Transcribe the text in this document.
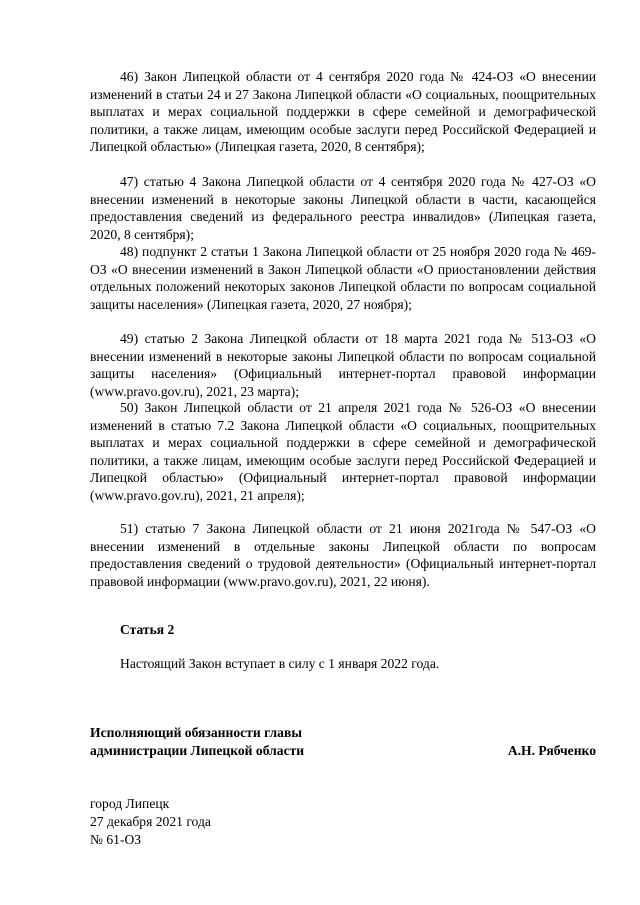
46) Закон Липецкой области от 4 сентября 2020 года № 424-ОЗ «О внесении изменений в статьи 24 и 27 Закона Липецкой области «О социальных, поощрительных выплатах и мерах социальной поддержки в сфере семейной и демографической политики, а также лицам, имеющим особые заслуги перед Российской Федерацией и Липецкой областью» (Липецкая газета, 2020, 8 сентября);

47) статью 4 Закона Липецкой области от 4 сентября 2020 года № 427-ОЗ «О внесении изменений в некоторые законы Липецкой области в части, касающейся предоставления сведений из федерального реестра инвалидов» (Липецкая газета, 2020, 8 сентября);

48) подпункт 2 статьи 1 Закона Липецкой области от 25 ноября 2020 года № 469-ОЗ «О внесении изменений в Закон Липецкой области «О приостановлении действия отдельных положений некоторых законов Липецкой области по вопросам социальной защиты населения» (Липецкая газета, 2020, 27 ноября);

49) статью 2 Закона Липецкой области от 18 марта 2021 года № 513-ОЗ «О внесении изменений в некоторые законы Липецкой области по вопросам социальной защиты населения» (Официальный интернет-портал правовой информации (www.pravo.gov.ru), 2021, 23 марта);

50) Закон Липецкой области от 21 апреля 2021 года № 526-ОЗ «О внесении изменений в статью 7.2 Закона Липецкой области «О социальных, поощрительных выплатах и мерах социальной поддержки в сфере семейной и демографической политики, а также лицам, имеющим особые заслуги перед Российской Федерацией и Липецкой областью» (Официальный интернет-портал правовой информации (www.pravo.gov.ru), 2021, 21 апреля);

51) статью 7 Закона Липецкой области от 21 июня 2021года № 547-ОЗ «О внесении изменений в отдельные законы Липецкой области по вопросам предоставления сведений о трудовой деятельности» (Официальный интернет-портал правовой информации (www.pravo.gov.ru), 2021, 22 июня).

Статья 2

Настоящий Закон вступает в силу с 1 января 2022 года.

Исполняющий обязанности главы
администрации Липецкой области	А.Н. Рябченко
город Липецк
27 декабря 2021 года
№ 61-ОЗ
